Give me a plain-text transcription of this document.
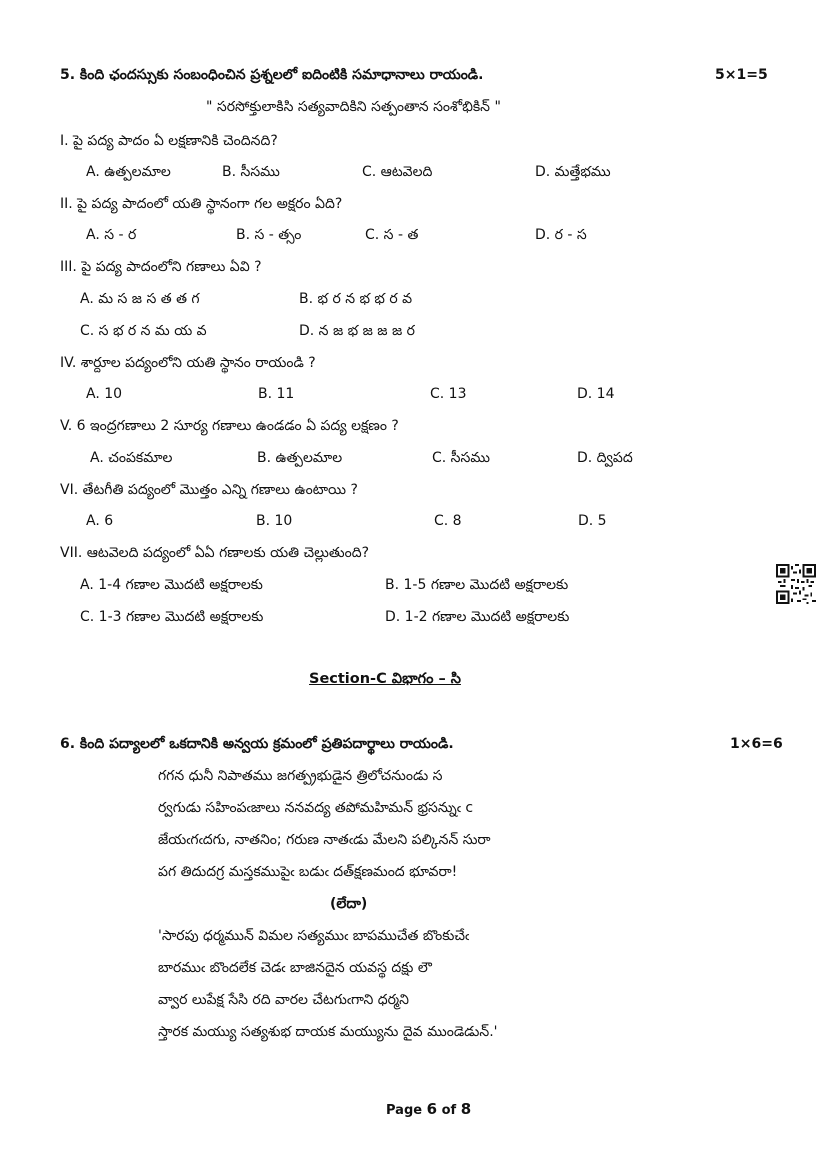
5. కింది ఛందస్సుకు సంబంధించిన ప్రశ్నలలో ఐదింటికి సమాధానాలు రాయండి.	5×1=5
" సరసోక్తులాకిసి సత్యవాదికిని సత్పంతాన సంశోభికిన్ "
I. పై పద్య పాదం ఏ లక్షణానికి చెందినది?
A. ఉత్పలమాల	B. సీసము	C. ఆటవెలది	D. మత్తేభము
II. పై పద్య పాదంలో యతి స్థానంగా గల అక్షరం ఏది?
A. స - ర	B. స - త్సం	C. స - త	D. ర - స
III. పై పద్య పాదంలోని గణాలు ఏవి ?
A. మ స జ స త త గ	B. భ ర న భ భ ర వ
C. స భ ర న మ య వ	D. న జ భ జ జ జ ర
IV. శార్దూల పద్యంలోని యతి స్థానం రాయండి ?
A. 10	B. 11	C. 13	D. 14
V. 6 ఇంద్రగణాలు 2 సూర్య గణాలు ఉండడం ఏ పద్య లక్షణం ?
A. చంపకమాల	B. ఉత్పలమాల	C. సీసము	D. ద్విపద
VI. తేటగీతి పద్యంలో మొత్తం ఎన్ని గణాలు ఉంటాయి ?
A. 6	B. 10	C. 8	D. 5
VII. ఆటవెలది పద్యంలో ఏఏ గణాలకు యతి చెల్లుతుంది?
A. 1-4 గణాల మొదటి అక్షరాలకు	B. 1-5 గణాల మొదటి అక్షరాలకు
C. 1-3 గణాల మొదటి అక్షరాలకు	D. 1-2 గణాల మొదటి అక్షరాలకు
Section-C విభాగం – సి
6. కింది పద్యాలలో ఒకదానికి అన్వయ క్రమంలో ప్రతిపదార్థాలు రాయండి.	1×6=6
గగన ధునీ నిపాతము జగత్ప్రభుడైన త్రిలోచనుండు స
ర్వగుడు సహింపఁజాలు ననవద్య తపోమహిమన్ భ్రసన్నుఁ c
జేయఁగఁదగు, నాతనిం; గరుణ నాతఁడు మేలని పల్కినన్ సురా
పగ తిదుదగ్ర మస్తకముపైఁ బడుఁ దత్‌క్షణమంద భూవరా!
(లేదా)
'సారపు ధర్మమున్ విమల సత్యముఁ బాపముచేత బొంకుచేఁ
బారముఁ బొందలేక చెడఁ బాజినదైన యవస్థ దక్షు లౌ
వ్వార లుపేక్ష సేసి రది వారల చేటగుఁగాని ధర్మని
స్తారక మయ్యు సత్యశుభ దాయక మయ్యును దైవ ముండెడున్.'
Page 6 of 8
